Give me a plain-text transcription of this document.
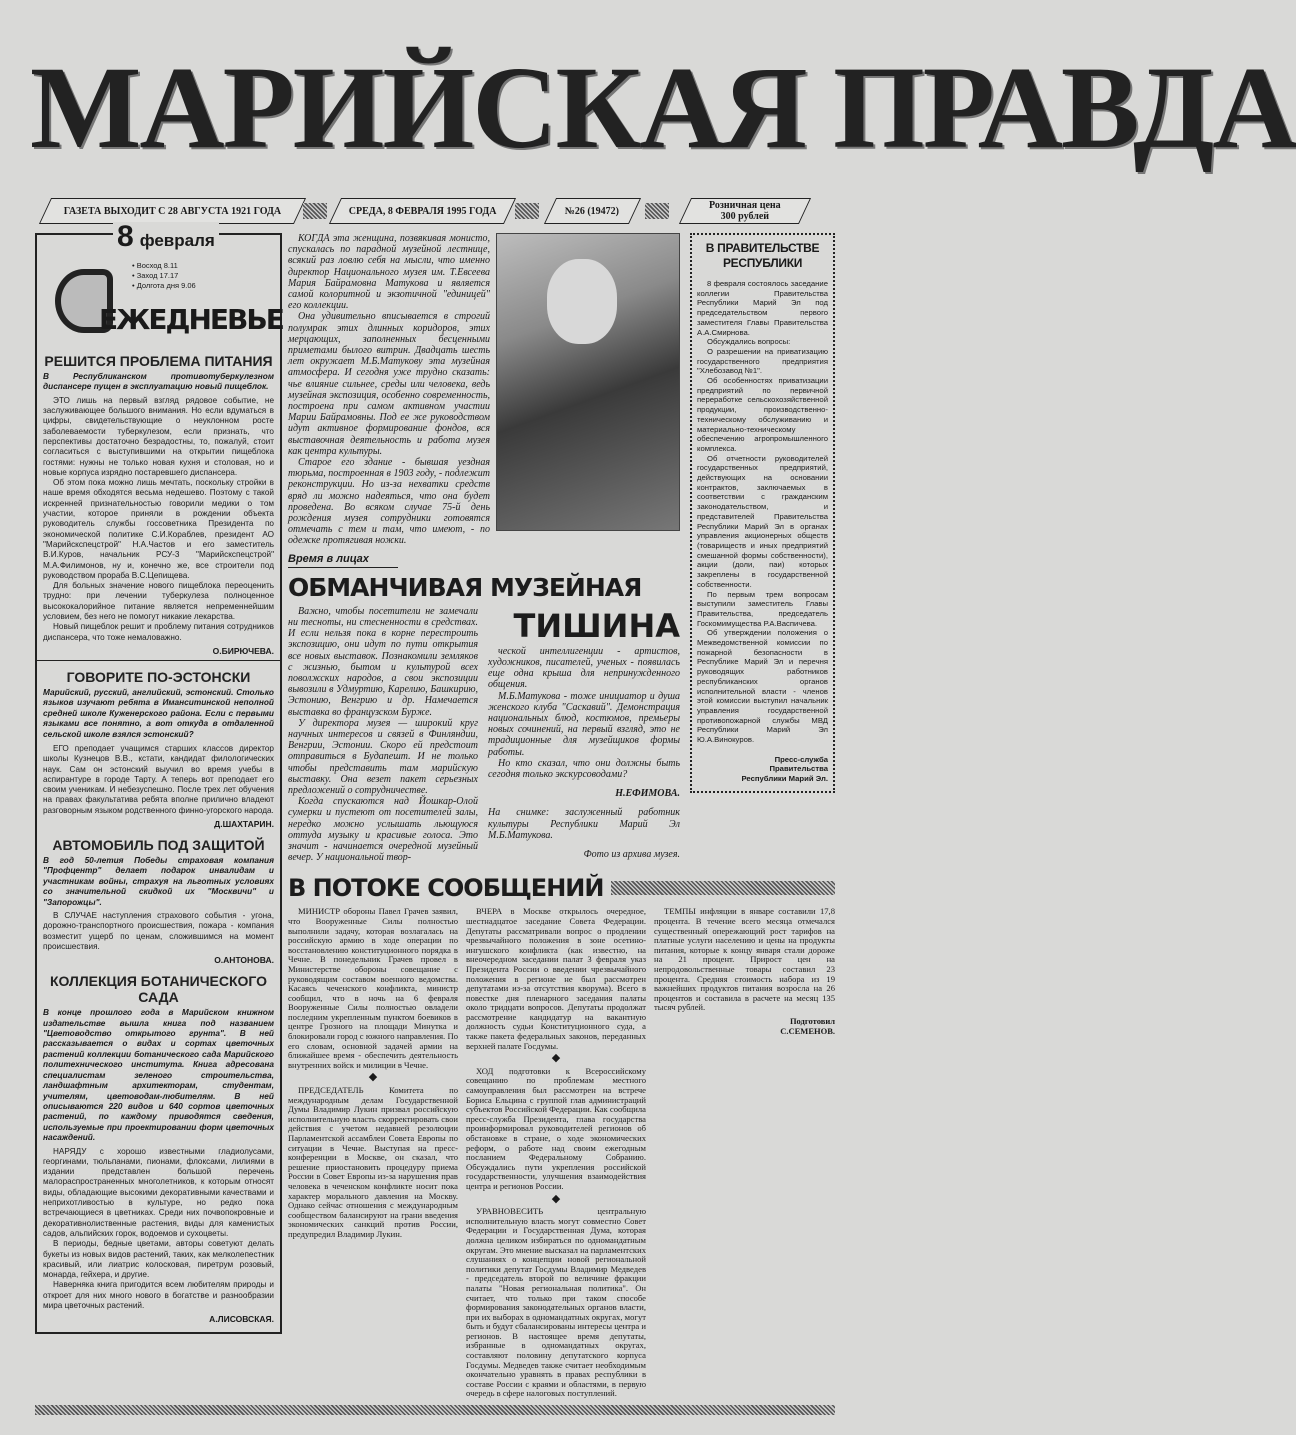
МАРИЙСКАЯ ПРАВДА
ГАЗЕТА ВЫХОДИТ С 28 АВГУСТА 1921 ГОДА	СРЕДА, 8 ФЕВРАЛЯ 1995 ГОДА	№26 (19472)	Розничная цена
300 рублей
8 февраля
• Восход 8.11
• Заход 17.17
• Долгота дня 9.06
ЕЖЕДНЕВЬЕ
РЕШИТСЯ ПРОБЛЕМА ПИТАНИЯ
В Республиканском противотуберкулезном диспансере пущен в эксплуатацию новый пищеблок.

ЭТО лишь на первый взгляд рядовое событие, не заслуживающее большого внимания. Но если вдуматься в цифры, свидетельствующие о неуклонном росте заболеваемости туберкулезом, если признать, что перспективы достаточно безрадостны, то, пожалуй, стоит согласиться с выступившими на открытии пищеблока гостями: нужны не только новая кухня и столовая, но и новые корпуса изрядно постаревшего диспансера.

Об этом пока можно лишь мечтать, поскольку стройки в наше время обходятся весьма недешево. Поэтому с такой искренней признательностью говорили медики о том участии, которое приняли в рождении объекта руководитель службы госсоветника Президента по экономической политике С.И.Кораблев, президент АО "Марийскспецстрой" Н.А.Частов и его заместитель В.И.Куров, начальник РСУ-3 "Марийскспецстрой" М.А.Филимонов, ну и, конечно же, все строители под руководством прораба В.С.Цепищева.

Для больных значение нового пищеблока переоценить трудно: при лечении туберкулеза полноценное высококалорийное питание является непременнейшим условием, без него не помогут никакие лекарства.

Новый пищеблок решит и проблему питания сотрудников диспансера, что тоже немаловажно.

О.БИРЮЧЕВА.
ГОВОРИТЕ ПО-ЭСТОНСКИ
Марийский, русский, английский, эстонский. Столько языков изучают ребята в Иманситинской неполной средней школе Куженерского района. Если с первыми языками все понятно, а вот откуда в отдаленной сельской школе взялся эстонский?

ЕГО преподает учащимся старших классов директор школы Кузнецов В.В., кстати, кандидат филологических наук. Сам он эстонский выучил во время учебы в аспирантуре в городе Тарту. А теперь вот преподает его своим ученикам. И небезуспешно. После трех лет обучения на правах факультатива ребята вполне прилично владеют разговорным языком родственного финно-угорского народа.

Д.ШАХТАРИН.
АВТОМОБИЛЬ ПОД ЗАЩИТОЙ
В год 50-летия Победы страховая компания "Профцентр" делает подарок инвалидам и участникам войны, страхуя на льготных условиях со значительной скидкой их "Москвичи" и "Запорожцы".

В СЛУЧАЕ наступления страхового события - угона, дорожно-транспортного происшествия, пожара - компания возместит ущерб по ценам, сложившимся на момент происшествия.

О.АНТОНОВА.
КОЛЛЕКЦИЯ БОТАНИЧЕСКОГО САДА
В конце прошлого года в Марийском книжном издательстве вышла книга под названием "Цветоводство открытого грунта". В ней рассказывается о видах и сортах цветочных растений коллекции ботанического сада Марийского политехнического института. Книга адресована специалистам зеленого строительства, ландшафтным архитекторам, студентам, учителям, цветоводам-любителям. В ней описываются 220 видов и 640 сортов цветочных растений, по каждому приводятся сведения, используемые при проектировании форм цветочных насаждений.

НАРЯДУ с хорошо известными гладиолусами, георгинами, тюльпанами, пионами, флоксами, лилиями в издании представлен большой перечень малораспространенных многолетников, к которым относят виды, обладающие высокими декоративными качествами и неприхотливостью в культуре, но редко пока встречающиеся в цветниках. Среди них почвопокровные и декоративнолиственные растения, виды для каменистых садов, альпийских горок, водоемов и сухоцветы.

В периоды, бедные цветами, авторы советуют делать букеты из новых видов растений, таких, как мелколепестник красивый, или лиатрис колосковая, пиретрум розовый, монарда, гейхера, и другие.

Наверняка книга пригодится всем любителям природы и откроет для них много нового в богатстве и разнообразии мира цветочных растений.

А.ЛИСОВСКАЯ.

КОГДА эта женщина, позвякивая монисто, спускалась по парадной музейной лестнице, всякий раз ловлю себя на мысли, что именно директор Национального музея им. Т.Евсеева Мария Байрамовна Матукова и является самой колоритной и экзотичной "единицей" его коллекции.

Она удивительно вписывается в строгий полумрак этих длинных коридоров, этих мерцающих, заполненных бесценными приметами былого витрин. Двадцать шесть лет окружает М.Б.Матукову эта музейная атмосфера. И сегодня уже трудно сказать: чье влияние сильнее, среды или человека, ведь музейная экспозиция, особенно современность, построена при самом активном участии Марии Байрамовны. Под ее же руководством идут активное формирование фондов, вся выставочная деятельность и работа музея как центра культуры.

Старое его здание - бывшая уездная тюрьма, построенная в 1903 году, - подлежит реконструкции. Но из-за нехватки средств вряд ли можно надеяться, что она будет проведена. Во всяком случае 75-й день рождения музея сотрудники готовятся отмечать с тем и там, что имеют, - по одежке протягивая ножки.

Время в лицах
ОБМАНЧИВАЯ МУЗЕЙНАЯ

Важно, чтобы посетители не замечали ни тесноты, ни стесненности в средствах. И если нельзя пока в корне перестроить экспозицию, они идут по пути открытия все новых выставок. Познакомили земляков с жизнью, бытом и культурой всех поволжских народов, а свои экспозиции вывозили в Удмуртию, Карелию, Башкирию, Эстонию, Венгрию и др. Намечается выставка во французском Бурже.

У директора музея — широкий круг научных интересов и связей в Финляндии, Венгрии, Эстонии. Скоро ей предстоит отправиться в Будапешт. И не только чтобы представить там марийскую выставку. Она везет пакет серьезных предложений о сотрудничестве.

Когда спускаются над Йошкар-Олой сумерки и пустеют от посетителей залы, нередко можно услышать льющуюся оттуда музыку и красивые голоса. Это значит - начинается очередной музейный вечер. У национальной твор-

ТИШИНА

ческой интеллигенции - артистов, художников, писателей, ученых - появилась еще одна крыша для непринужденного общения.

М.Б.Матукова - тоже инициатор и душа женского клуба "Саскавий". Демонстрация национальных блюд, костюмов, премьеры новых сочинений, на первый взгляд, это не традиционные для музейщиков формы работы.

Но кто сказал, что они должны быть сегодня только экскурсоводами?

Н.ЕФИМОВА.
На снимке: заслуженный работник культуры Республики Марий Эл М.Б.Матукова.
Фото из архива музея.
В ПРАВИТЕЛЬСТВЕ РЕСПУБЛИКИ

8 февраля состоялось заседание коллегии Правительства Республики Марий Эл под председательством первого заместителя Главы Правительства А.А.Смирнова.

Обсуждались вопросы:

О разрешении на приватизацию государственного предприятия "Хлебозавод №1".

Об особенностях приватизации предприятий по первичной переработке сельскохозяйственной продукции, производственно-техническому обслуживанию и материально-техническому обеспечению агропромышленного комплекса.

Об отчетности руководителей государственных предприятий, действующих на основании контрактов, заключаемых в соответствии с гражданским законодательством, и представителей Правительства Республики Марий Эл в органах управления акционерных обществ (товариществ и иных предприятий смешанной формы собственности), акции (доли, паи) которых закреплены в государственной собственности.

По первым трем вопросам выступили заместитель Главы Правительства, председатель Госкомимущества Р.А.Васпичева.

Об утверждении положения о Межведомственной комиссии по пожарной безопасности в Республике Марий Эл и перечня руководящих работников республиканских органов исполнительной власти - членов этой комиссии выступил начальник управления государственной противопожарной службы МВД Республики Марий Эл Ю.А.Винокуров.

Пресс-служба
Правительства
Республики Марий Эл.
В ПОТОКЕ СООБЩЕНИЙ

МИНИСТР обороны Павел Грачев заявил, что Вооруженные Силы полностью выполнили задачу, которая возлагалась на российскую армию в ходе операции по восстановлению конституционного порядка в Чечне. В понедельник Грачев провел в Министерстве обороны совещание с руководящим составом военного ведомства. Касаясь чеченского конфликта, министр сообщил, что в ночь на 6 февраля Вооруженные Силы полностью овладели последним укрепленным пунктом боевиков в центре Грозного на площади Минутка и блокировали город с южного направления. По его словам, основной задачей армии на ближайшее время - обеспечить деятельность внутренних войск и милиции в Чечне.

◆

ПРЕДСЕДАТЕЛЬ Комитета по международным делам Государственной Думы Владимир Лукин призвал российскую исполнительную власть скорректировать свои действия с учетом недавней резолюции Парламентской ассамблеи Совета Европы по ситуации в Чечне. Выступая на пресс-конференции в Москве, он сказал, что решение приостановить процедуру приема России в Совет Европы из-за нарушения прав человека в чеченском конфликте носит пока характер морального давления на Москву. Однако сейчас отношения с международным сообществом балансируют на грани введения экономических санкций против России, предупредил Владимир Лукин.

ВЧЕРА в Москве открылось очередное, шестнадцатое заседание Совета Федерации. Депутаты рассматривали вопрос о продлении чрезвычайного положения в зоне осетино-ингушского конфликта (как известно, на внеочередном заседании палат 3 февраля указ Президента России о введении чрезвычайного положения в регионе не был рассмотрен депутатами из-за отсутствия кворума). Всего в повестке дня пленарного заседания палаты около тридцати вопросов. Депутаты продолжат рассмотрение кандидатур на вакантную должность судьи Конституционного суда, а также пакета федеральных законов, переданных верхней палате Госдумы.

◆

ХОД подготовки к Всероссийскому совещанию по проблемам местного самоуправления был рассмотрен на встрече Бориса Ельцина с группой глав администраций субъектов Российской Федерации. Как сообщила пресс-служба Президента, глава государства проинформировал руководителей регионов об обстановке в стране, о ходе экономических реформ, о работе над своим ежегодным посланием Федеральному Собранию. Обсуждались пути укрепления российской государственности, улучшения взаимодействия центра и регионов России.

◆

УРАВНОВЕСИТЬ центральную исполнительную власть могут совместно Совет Федерации и Государственная Дума, которая должна целиком избираться по одномандатным округам. Это мнение высказал на парламентских слушаниях о концепции новой региональной политики депутат Госдумы Владимир Медведев - председатель второй по величине фракции палаты "Новая региональная политика". Он считает, что только при таком способе формирования законодательных органов власти, при их выборах в одномандатных округах, могут быть и будут сбалансированы интересы центра и регионов. В настоящее время депутаты, избранные в одномандатных округах, составляют половину депутатского корпуса Госдумы. Медведев также считает необходимым окончательно уравнять в правах республики в составе России с краями и областями, в первую очередь в сфере налоговых поступлений.

ТЕМПЫ инфляции в январе составили 17,8 процента. В течение всего месяца отмечался существенный опережающий рост тарифов на платные услуги населению и цены на продукты питания, которые к концу января стали дороже на 21 процент. Прирост цен на непродовольственные товары составил 23 процента. Средняя стоимость набора из 19 важнейших продуктов питания возросла на 26 процентов и составила в расчете на месяц 135 тысяч рублей.

Подготовил
С.СЕМЕНОВ.
